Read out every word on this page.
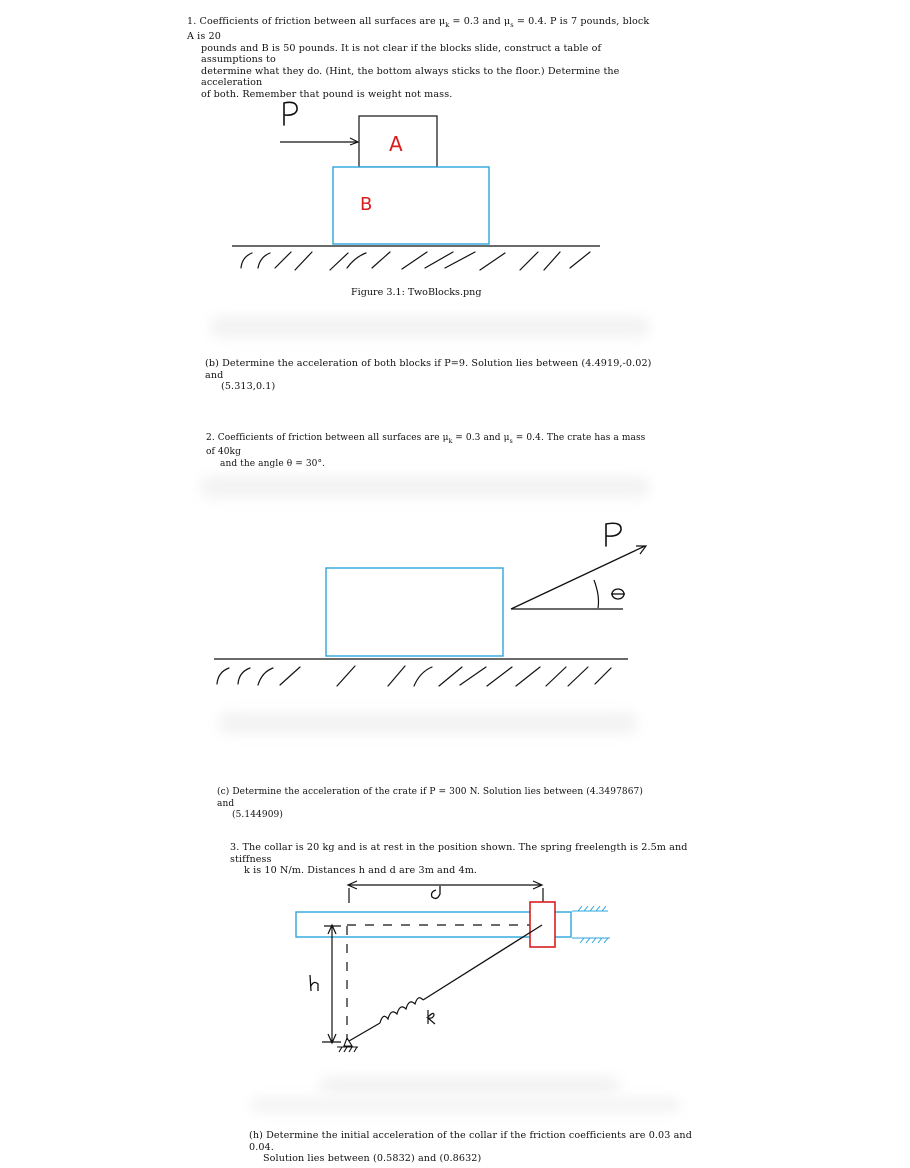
1. Coefficients of friction between all surfaces are $\mu_k = 0.3$ and $\mu_s = 0.4$. P is 7 pounds, block A is 20
pounds and B is 50 pounds. It is not clear if the blocks slide, construct a table of assumptions to
determine what they do. (Hint, the bottom always sticks to the floor.) Determine the acceleration
of both. Remember that pound is weight not mass.
A
B
Figure 3.1: TwoBlocks.png
(b) Determine the acceleration of both blocks if P=9. Solution lies between (4.4919,-0.02) and
(5.313,0.1)
2. Coefficients of friction between all surfaces are $\mu_k = 0.3$ and $\mu_s = 0.4$. The crate has a mass of 40kg
and the angle θ = 30°.
(c) Determine the acceleration of the crate if P = 300 N. Solution lies between (4.3497867) and
(5.144909)
3. The collar is 20 kg and is at rest in the position shown. The spring freelength is 2.5m and stiffness
k is 10 N/m. Distances h and d are 3m and 4m.
(h) Determine the initial acceleration of the collar if the friction coefficients are 0.03 and 0.04.
Solution lies between (0.5832) and (0.8632)
